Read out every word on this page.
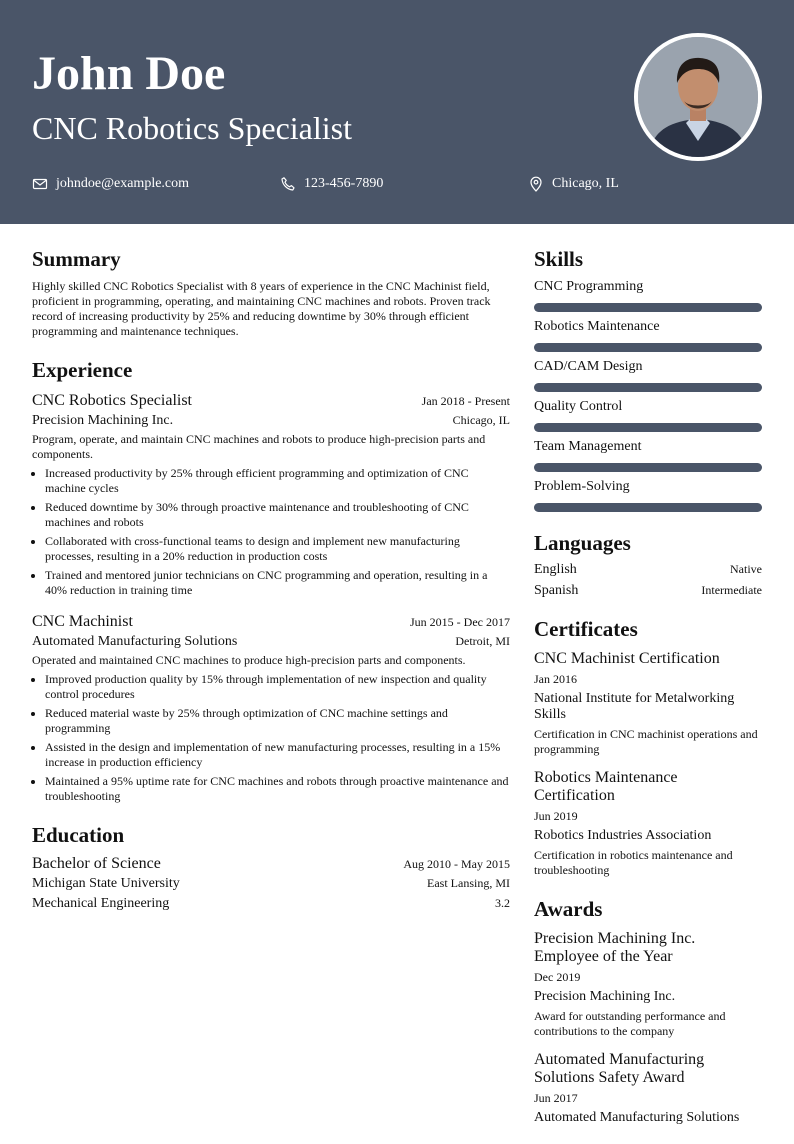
John Doe
CNC Robotics Specialist
johndoe@example.com	123-456-7890	Chicago, IL
Summary
Highly skilled CNC Robotics Specialist with 8 years of experience in the CNC Machinist field, proficient in programming, operating, and maintaining CNC machines and robots. Proven track record of increasing productivity by 25% and reducing downtime by 30% through efficient programming and maintenance techniques.
Experience
CNC Robotics Specialist	Jan 2018 - Present
Precision Machining Inc.	Chicago, IL
Program, operate, and maintain CNC machines and robots to produce high-precision parts and components.
• Increased productivity by 25% through efficient programming and optimization of CNC machine cycles
• Reduced downtime by 30% through proactive maintenance and troubleshooting of CNC machines and robots
• Collaborated with cross-functional teams to design and implement new manufacturing processes, resulting in a 20% reduction in production costs
• Trained and mentored junior technicians on CNC programming and operation, resulting in a 40% reduction in training time
CNC Machinist	Jun 2015 - Dec 2017
Automated Manufacturing Solutions	Detroit, MI
Operated and maintained CNC machines to produce high-precision parts and components.
• Improved production quality by 15% through implementation of new inspection and quality control procedures
• Reduced material waste by 25% through optimization of CNC machine settings and programming
• Assisted in the design and implementation of new manufacturing processes, resulting in a 15% increase in production efficiency
• Maintained a 95% uptime rate for CNC machines and robots through proactive maintenance and troubleshooting
Education
Bachelor of Science	Aug 2010 - May 2015
Michigan State University	East Lansing, MI
Mechanical Engineering	3.2
Skills
CNC Programming
Robotics Maintenance
CAD/CAM Design
Quality Control
Team Management
Problem-Solving
Languages
English	Native
Spanish	Intermediate
Certificates
CNC Machinist Certification
Jan 2016
National Institute for Metalworking Skills
Certification in CNC machinist operations and programming
Robotics Maintenance Certification
Jun 2019
Robotics Industries Association
Certification in robotics maintenance and troubleshooting
Awards
Precision Machining Inc. Employee of the Year
Dec 2019
Precision Machining Inc.
Award for outstanding performance and contributions to the company
Automated Manufacturing Solutions Safety Award
Jun 2017
Automated Manufacturing Solutions
